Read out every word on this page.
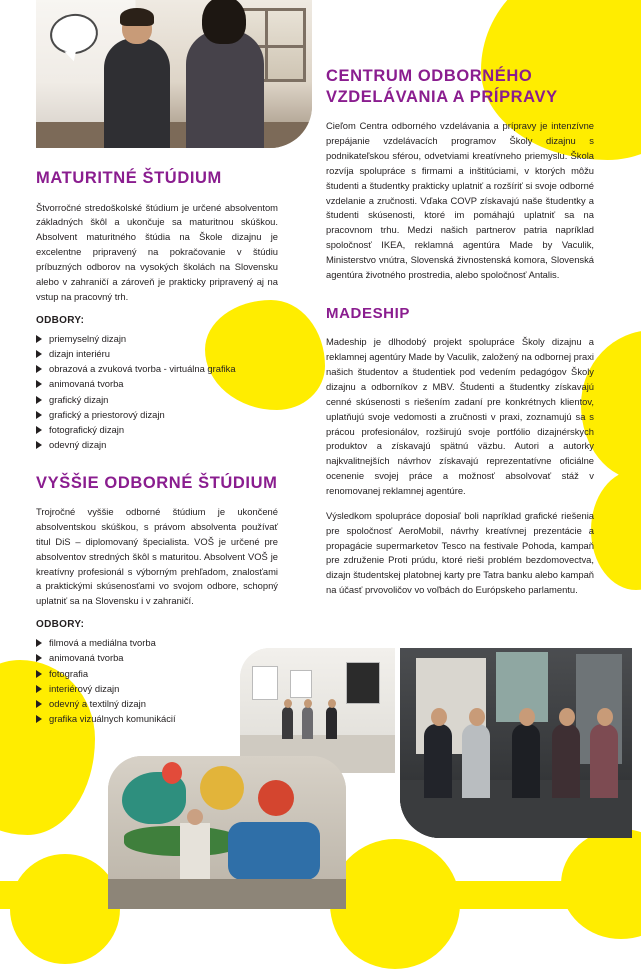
MATURITNÉ ŠTÚDIUM

Štvorročné stredoškolské štúdium je určené absolventom základných škôl a ukončuje sa maturitnou skúškou. Absolvent maturitného štúdia na Škole dizajnu je excelentne pripravený na pokračovanie v štúdiu príbuzných odborov na vysokých školách na Slovensku alebo v zahraničí a zároveň je prakticky pripravený aj na vstup na pracovný trh.

ODBORY:
priemyselný dizajn
dizajn interiéru
obrazová a zvuková tvorba - virtuálna grafika
animovaná tvorba
grafický dizajn
grafický a priestorový dizajn
fotografický dizajn
odevný dizajn
VYŠŠIE ODBORNÉ ŠTÚDIUM

Trojročné vyššie odborné štúdium je ukončené absolventskou skúškou, s právom absolventa používať titul DiS – diplomovaný špecialista. VOŠ je určené pre absolventov stredných škôl s maturitou. Absolvent VOŠ je kreatívny profesionál s výborným prehľadom, znalosťami a praktickými skúsenosťami vo svojom odbore, schopný uplatniť sa na Slovensku i v zahraničí.

ODBORY:
filmová a mediálna tvorba
animovaná tvorba
fotografia
interiérový dizajn
odevný a textilný dizajn
grafika vizuálnych komunikácií
CENTRUM ODBORNÉHO VZDELÁVANIA A PRÍPRAVY

Cieľom Centra odborného vzdelávania a prípravy je intenzívne prepájanie vzdelávacích programov Školy dizajnu s podnikateľskou sférou, odvetviami kreatívneho priemyslu. Škola rozvíja spolupráce s firmami a inštitúciami, v ktorých môžu študenti a študentky prakticky uplatniť a rozšíriť si svoje odborné vzdelanie a zručnosti. Vďaka COVP získavajú naše študentky a študenti skúsenosti, ktoré im pomáhajú uplatniť sa na pracovnom trhu. Medzi našich partnerov patria napríklad spoločnosť IKEA, reklamná agentúra Made by Vaculik, Ministerstvo vnútra, Slovenská živnostenská komora, Slovenská agentúra životného prostredia, alebo spoločnosť Antalis.

MADESHIP

Madeship je dlhodobý projekt spolupráce Školy dizajnu a reklamnej agentúry Made by Vaculik, založený na odbornej praxi našich študentov a študentiek pod vedením pedagógov Školy dizajnu a odborníkov z MBV. Študenti a študentky získavajú cenné skúsenosti s riešením zadaní pre konkrétnych klientov, uplatňujú svoje vedomosti a zručnosti v praxi, zoznamujú sa s prácou profesionálov, rozširujú svoje portfólio dizajnérskych produktov a získavajú spätnú väzbu. Autori a autorky najkvalitnejších návrhov získavajú reprezentatívne oficiálne ocenenie svojej práce a možnosť absolvovať stáž v renomovanej reklamnej agentúre.

Výsledkom spolupráce doposiaľ boli napríklad grafické riešenia pre spoločnosť AeroMobil, návrhy kreatívnej prezentácie a propagácie supermarketov Tesco na festivale Pohoda, kampaň pre združenie Proti prúdu, ktoré rieši problém bezdomovectva, dizajn študentskej platobnej karty pre Tatra banku alebo kampaň na účasť prvovoličov vo voľbách do Európskeho parlamentu.
